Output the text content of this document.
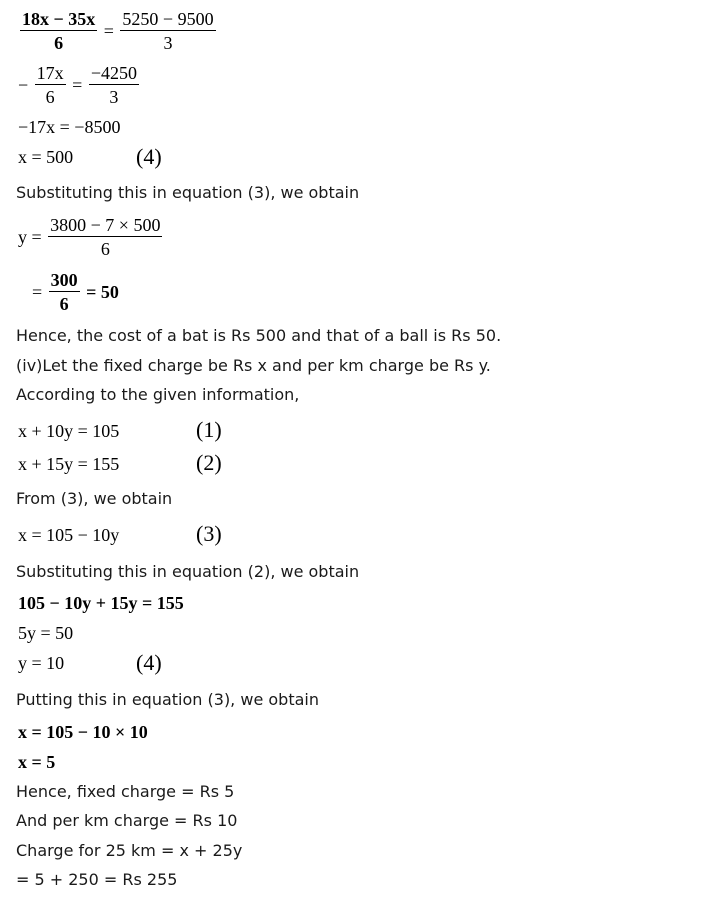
$\frac{18x - 35x}{6} = \frac{5250 - 9500}{3}$
− $\frac{17x}{6} = \frac{-4250}{3}$
−17x = −8500
x = 500	(4)
Substituting this in equation (3), we obtain
$y = \frac{3800 - 7 \times 500}{6}$
= $\frac{300}{6} = 50$
Hence, the cost of a bat is Rs 500 and that of a ball is Rs 50.
(iv)Let the fixed charge be Rs x and per km charge be Rs y.
According to the given information,
x + 10y = 105	(1)
x + 15y = 155	(2)
From (3), we obtain
x = 105 − 10y	(3)
Substituting this in equation (2), we obtain
105 − 10y + 15y = 155
5y = 50
y = 10	(4)
Putting this in equation (3), we obtain
x = 105 − 10 × 10
x = 5
Hence, fixed charge = Rs 5
And per km charge = Rs 10
Charge for 25 km = x + 25y
= 5 + 250 = Rs 255
